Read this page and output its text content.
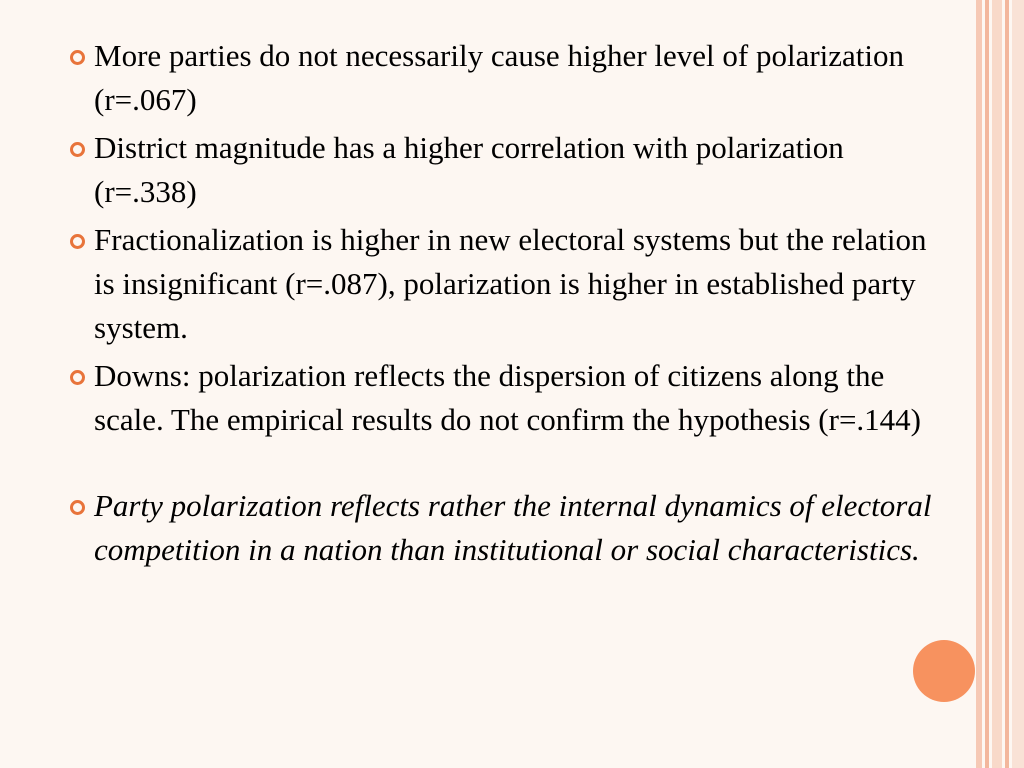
More parties do not necessarily cause higher level of polarization (r=.067)
District magnitude has a higher correlation with polarization (r=.338)
Fractionalization is higher in new electoral systems but the relation is insignificant (r=.087), polarization is higher in established party system.
Downs: polarization reflects the dispersion of citizens along the scale. The empirical results do not confirm the hypothesis (r=.144)
Party polarization reflects rather the internal dynamics of electoral competition in a nation than institutional or social characteristics.
